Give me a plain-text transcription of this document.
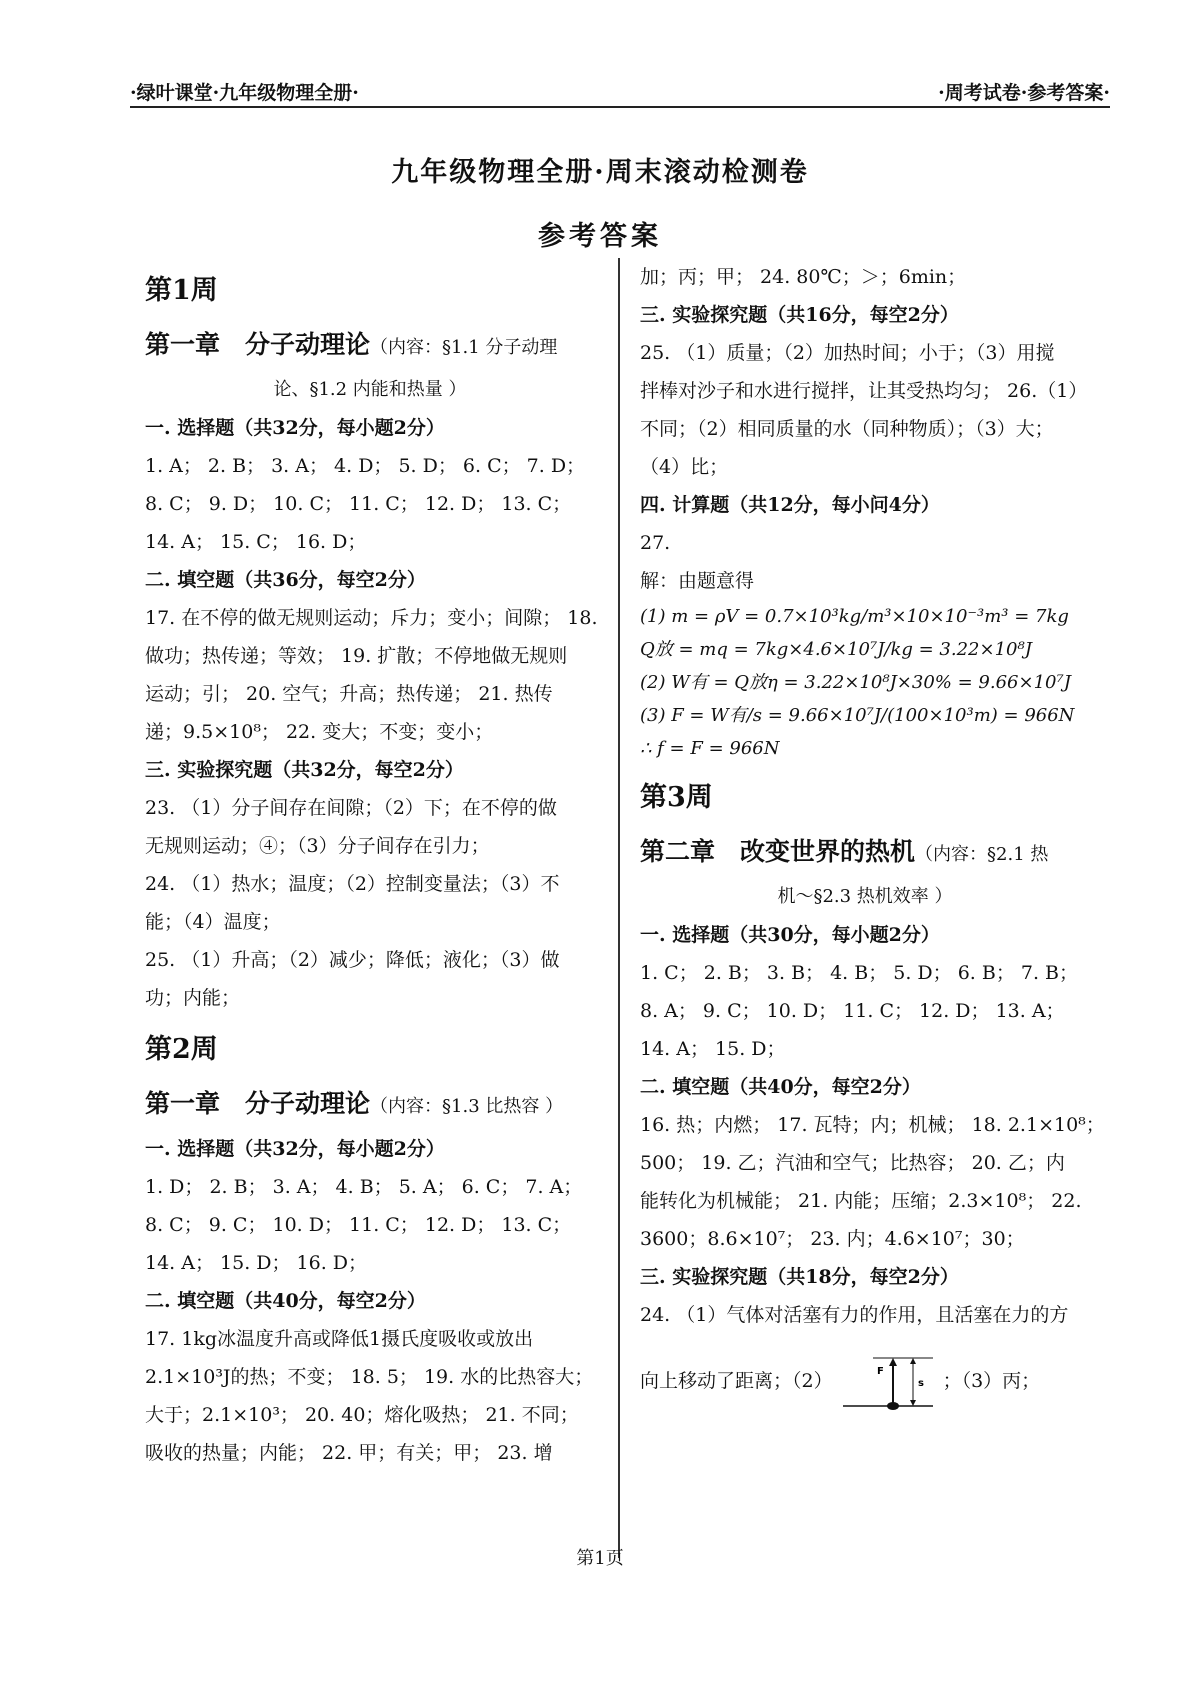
·绿叶课堂·九年级物理全册·	·周考试卷·参考答案·
九年级物理全册·周末滚动检测卷
参考答案
第1周
第一章　分子动理论（内容：§1.1 分子动理
论、§1.2 内能和热量 ）
一. 选择题（共32分，每小题2分）
1. A； 2. B； 3. A； 4. D； 5. D； 6. C； 7. D；
8. C； 9. D； 10. C； 11. C； 12. D； 13. C；
14. A； 15. C； 16. D；
二. 填空题（共36分，每空2分）
17. 在不停的做无规则运动；斥力；变小；间隙； 18.
做功；热传递；等效； 19. 扩散；不停地做无规则
运动；引； 20. 空气；升高；热传递； 21. 热传
递；9.5×10⁸； 22. 变大；不变；变小；
三. 实验探究题（共32分，每空2分）
23. （1）分子间存在间隙；（2）下；在不停的做
无规则运动；④；（3）分子间存在引力；
24. （1）热水；温度；（2）控制变量法；（3）不
能；（4）温度；
25. （1）升高；（2）减少；降低；液化；（3）做
功；内能；
第2周
第一章　分子动理论（内容：§1.3 比热容 ）
一. 选择题（共32分，每小题2分）
1. D； 2. B； 3. A； 4. B； 5. A； 6. C； 7. A；
8. C； 9. C； 10. D； 11. C； 12. D； 13. C；
14. A； 15. D； 16. D；
二. 填空题（共40分，每空2分）
17. 1kg冰温度升高或降低1摄氏度吸收或放出
2.1×10³J的热；不变； 18. 5； 19. 水的比热容大；
大于；2.1×10³； 20. 40；熔化吸热； 21. 不同；
吸收的热量；内能； 22. 甲；有关；甲； 23. 增
加；丙；甲； 24. 80℃；＞；6min；
三. 实验探究题（共16分，每空2分）
25. （1）质量；（2）加热时间；小于；（3）用搅
拌棒对沙子和水进行搅拌，让其受热均匀； 26.（1）
不同；（2）相同质量的水（同种物质）；（3）大；
（4）比；
四. 计算题（共12分，每小问4分）
27.
解：由题意得
(1) m = ρV = 0.7×10³kg/m³×10×10⁻³m³ = 7kg
Q放 = mq = 7kg×4.6×10⁷J/kg = 3.22×10⁸J
(2) W有 = Q放η = 3.22×10⁸J×30% = 9.66×10⁷J
(3) F = W有/s = 9.66×10⁷J/(100×10³m) = 966N
∴ f = F = 966N
第3周
第二章　改变世界的热机（内容：§2.1 热
机～§2.3 热机效率 ）
一. 选择题（共30分，每小题2分）
1. C； 2. B； 3. B； 4. B； 5. D； 6. B； 7. B；
8. A； 9. C； 10. D； 11. C； 12. D； 13. A；
14. A； 15. D；
二. 填空题（共40分，每空2分）
16. 热；内燃； 17. 瓦特；内；机械； 18. 2.1×10⁸；
500； 19. 乙；汽油和空气；比热容； 20. 乙；内
能转化为机械能； 21. 内能；压缩；2.3×10⁸； 22.
3600；8.6×10⁷； 23. 内；4.6×10⁷；30；
三. 实验探究题（共18分，每空2分）
24. （1）气体对活塞有力的作用，且活塞在力的方
向上移动了距离；（2）	F
s ；（3）丙；
第1页
